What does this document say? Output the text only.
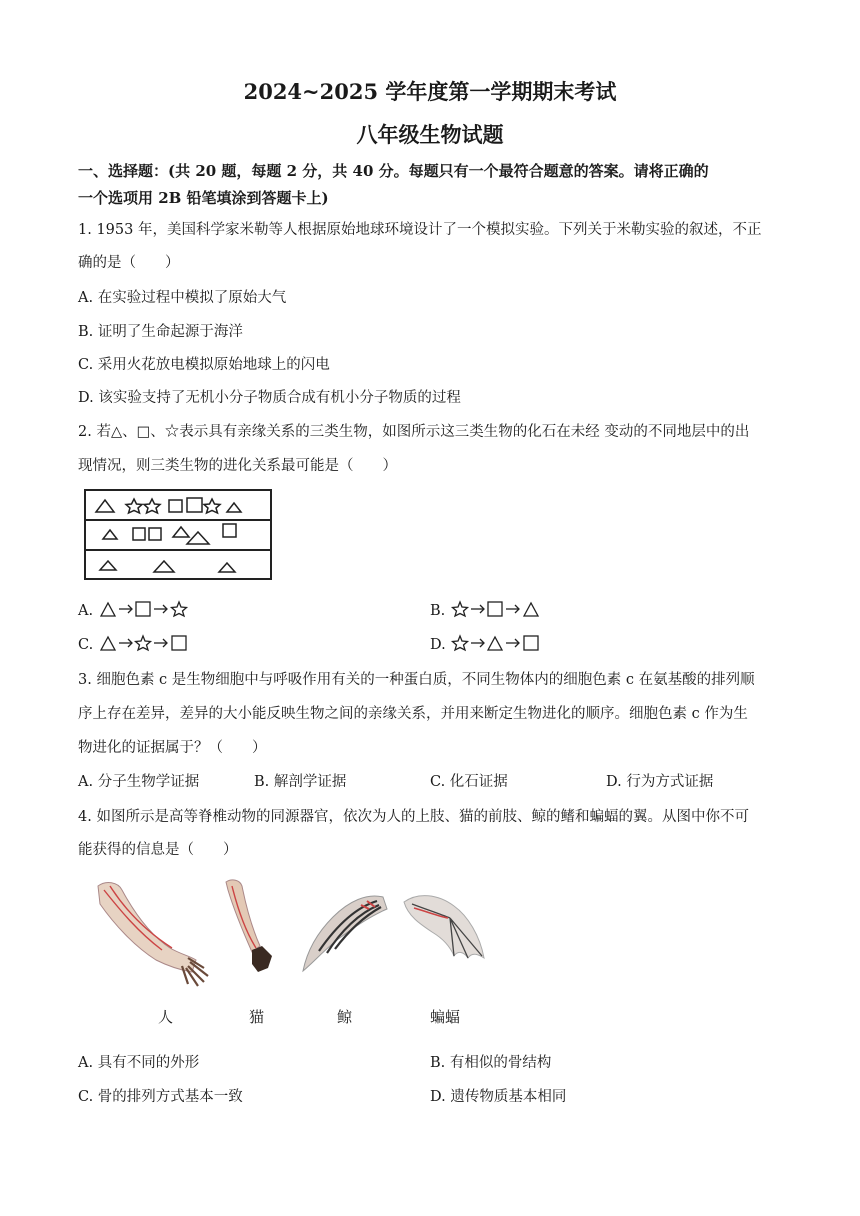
2024~2025 学年度第一学期期末考试
八年级生物试题
一、选择题：(共 20 题，每题 2 分，共 40 分。每题只有一个最符合题意的答案。请将正确的
一个选项用 2B 铅笔填涂到答题卡上)
1. 1953 年，美国科学家米勒等人根据原始地球环境设计了一个模拟实验。下列关于米勒实验的叙述，不正
确的是（　　）
A. 在实验过程中模拟了原始大气
B. 证明了生命起源于海洋
C. 采用火花放电模拟原始地球上的闪电
D. 该实验支持了无机小分子物质合成有机小分子物质的过程
2. 若△、□、☆表示具有亲缘关系的三类生物，如图所示这三类生物的化石在未经 变动的不同地层中的出
现情况，则三类生物的进化关系最可能是（　　）
A.	B.
C.	D.
3. 细胞色素 c 是生物细胞中与呼吸作用有关的一种蛋白质，不同生物体内的细胞色素 c 在氨基酸的排列顺
序上存在差异，差异的大小能反映生物之间的亲缘关系，并用来断定生物进化的顺序。细胞色素 c 作为生
物进化的证据属于？（　　）
A. 分子生物学证据	B. 解剖学证据	C. 化石证据	D. 行为方式证据
4. 如图所示是高等脊椎动物的同源器官，依次为人的上肢、猫的前肢、鲸的鳍和蝙蝠的翼。从图中你不可
能获得的信息是（　　）
人	猫	鲸	蝙蝠
A. 具有不同的外形	B. 有相似的骨结构
C. 骨的排列方式基本一致	D. 遗传物质基本相同
